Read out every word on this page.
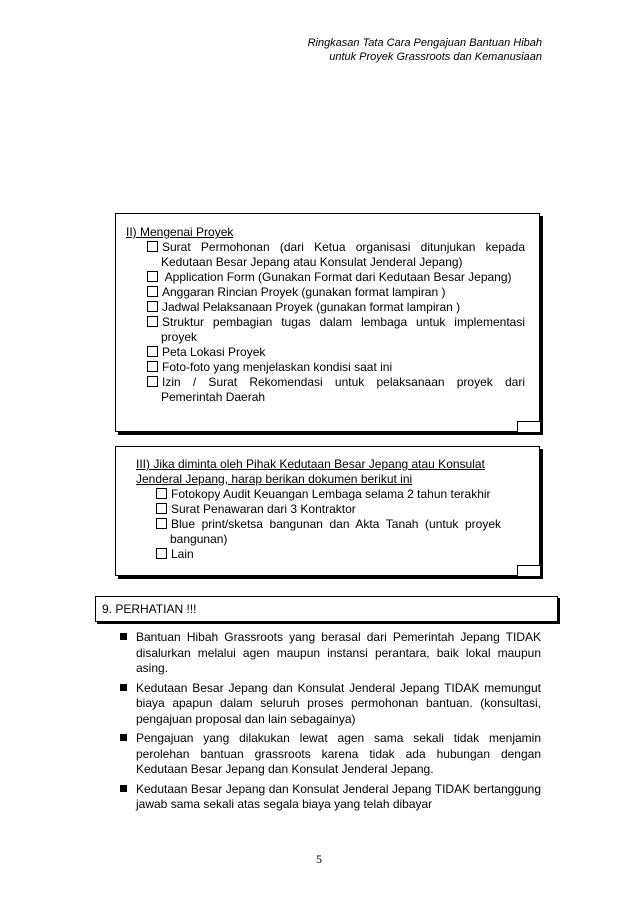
Ringkasan Tata Cara Pengajuan Bantuan Hibah
untuk Proyek Grassroots dan Kemanusiaan
II) Mengenai Proyek
Surat Permohonan (dari Ketua organisasi ditunjukan kepada Kedutaan Besar Jepang atau Konsulat Jenderal Jepang)
Application Form (Gunakan Format dari Kedutaan Besar Jepang)
Anggaran Rincian Proyek (gunakan format lampiran )
Jadwal Pelaksanaan Proyek (gunakan format lampiran )
Struktur pembagian tugas dalam lembaga untuk implementasi proyek
Peta Lokasi Proyek
Foto-foto yang menjelaskan kondisi saat ini
Izin / Surat Rekomendasi untuk pelaksanaan proyek dari Pemerintah Daerah
III) Jika diminta oleh Pihak Kedutaan Besar Jepang atau Konsulat Jenderal Jepang, harap berikan dokumen berikut ini
Fotokopy Audit Keuangan Lembaga selama 2 tahun terakhir
Surat Penawaran dari 3 Kontraktor
Blue print/sketsa bangunan dan Akta Tanah (untuk proyek bangunan)
Lain
9. PERHATIAN !!!
Bantuan Hibah Grassroots yang berasal dari Pemerintah Jepang TIDAK disalurkan melalui agen maupun instansi perantara, baik lokal maupun asing.
Kedutaan Besar Jepang dan Konsulat Jenderal Jepang TIDAK memungut biaya apapun dalam seluruh proses permohonan bantuan. (konsultasi, pengajuan proposal dan lain sebagainya)
Pengajuan yang dilakukan lewat agen sama sekali tidak menjamin perolehan bantuan grassroots karena tidak ada hubungan dengan Kedutaan Besar Jepang dan Konsulat Jenderal Jepang.
Kedutaan Besar Jepang dan Konsulat Jenderal Jepang TIDAK bertanggung jawab sama sekali atas segala biaya yang telah dibayar
5
